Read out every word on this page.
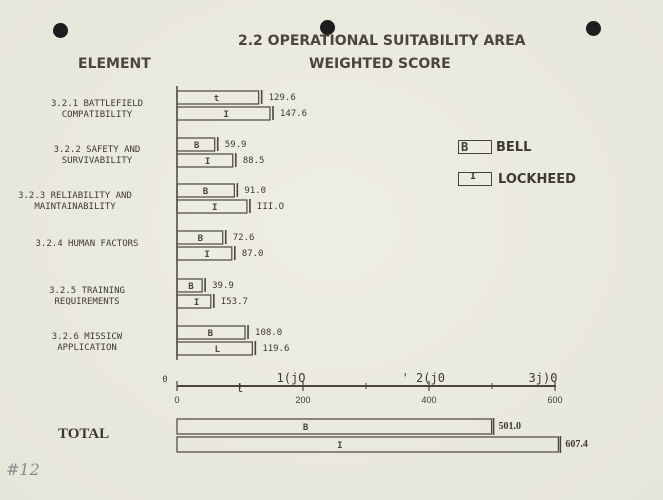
2.2 OPERATIONAL SUITABILITY AREA
WEIGHTED SCORE
ELEMENT
3.2.1 BATTLEFIELD
COMPATIBILITY
3.2.2 SAFETY AND
SURVIVABILITY
3.2.3 RELIABILITY AND
MAINTAINABILITY
3.2.4 HUMAN FACTORS
3.2.5 TRAINING
REQUIREMENTS
3.2.6 MISSICW
APPLICATION
B BELL
I LOCKHEED
TOTAL
#12
t	129.6
I	147.6
B	59.9
I	88.5
B	91.0
I	III.O
B	72.6
I	87.0
B 39.9
I I53.7
B	108.0
L	119.6
0	200	400	600
0
t
1(jO	' 2(j0	3j)0
B	501.0
I	607.4
